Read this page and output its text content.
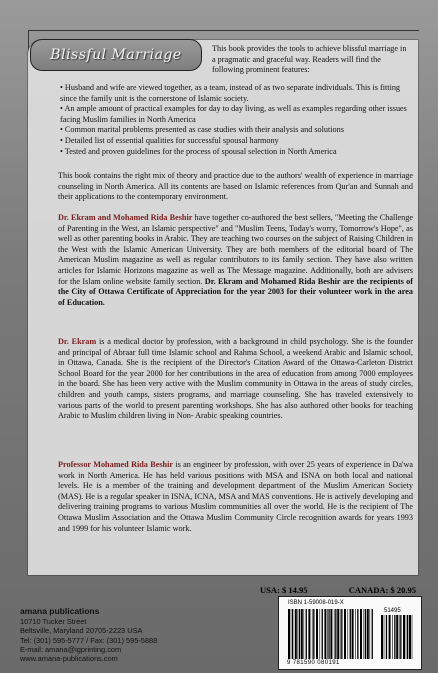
Blissful Marriage	This book provides the tools to achieve blissful marriage in a pragmatic and graceful way. Readers will find the following prominent features:
• Husband and wife are viewed together, as a team, instead of as two separate individuals. This is fitting since the family unit is the cornerstone of Islamic society.
• An ample amount of practical examples for day to day living, as well as examples regarding other issues facing Muslim families in North America
• Common marital problems presented as case studies with their analysis and solutions
• Detailed list of essential qualities for successful spousal harmony
• Tested and proven guidelines for the process of spousal selection in North America
This book contains the right mix of theory and practice due to the authors' wealth of experience in marriage counseling in North America. All its contents are based on Islamic references from Qur'an and Sunnah and their applications to the contemporary environment.
Dr. Ekram and Mohamed Rida Beshir have together co-authored the best sellers, "Meeting the Challenge of Parenting in the West, an Islamic perspective" and "Muslim Teens, Today's worry, Tomorrow's Hope", as well as other parenting books in Arabic. They are teaching two courses on the subject of Raising Children in the West with the Islamic American University. They are both members of the editorial board of The American Muslim magazine as well as regular contributors to its family section. They have also written articles for Islamic Horizons magazine as well as The Message magazine. Additionally, both are advisers for the Islam online website family section. Dr. Ekram and Mohamed Rida Beshir are the recipients of the City of Ottawa Certificate of Appreciation for the year 2003 for their volunteer work in the area of Education.
Dr. Ekram is a medical doctor by profession, with a background in child psychology. She is the founder and principal of Abraar full time Islamic school and Rahma School, a weekend Arabic and Islamic school, in Ottawa, Canada. She is the recipient of the Director's Citation Award of the Ottawa-Carleton District School Board for the year 2000 for her contributions in the area of education from among 7000 employees in the board. She has been very active with the Muslim community in Ottawa in the areas of study circles, children and youth camps, sisters programs, and marriage counseling. She has traveled extensively to various parts of the world to present parenting workshops. She has also authored other books for teaching Arabic to Muslim children living in Non- Arabic speaking countries.
Professor Mohamed Rida Beshir is an engineer by profession, with over 25 years of experience in Da'wa work in North America. He has held various positions with MSA and ISNA on both local and national levels. He is a member of the training and development department of the Muslim American Society (MAS). He is a regular speaker in ISNA, ICNA, MSA and MAS conventions. He is actively developing and delivering training programs to various Muslim communities all over the world. He is the recipient of The Ottawa Muslim Association and the Ottawa Muslim Community Circle recognition awards for years 1993 and 1999 for his volunteer Islamic work.
USA: $ 14.95	CANADA: $ 20.95
amana publications
10710 Tucker Street
Beltsville, Maryland 20705-2223 USA
Tel: (301) 595-5777 / Fax: (301) 595-5888
E-mail: amana@igprinting.com
www.amana-publications.com
ISBN 1-59008-019-X
51495
9 781590 080191
